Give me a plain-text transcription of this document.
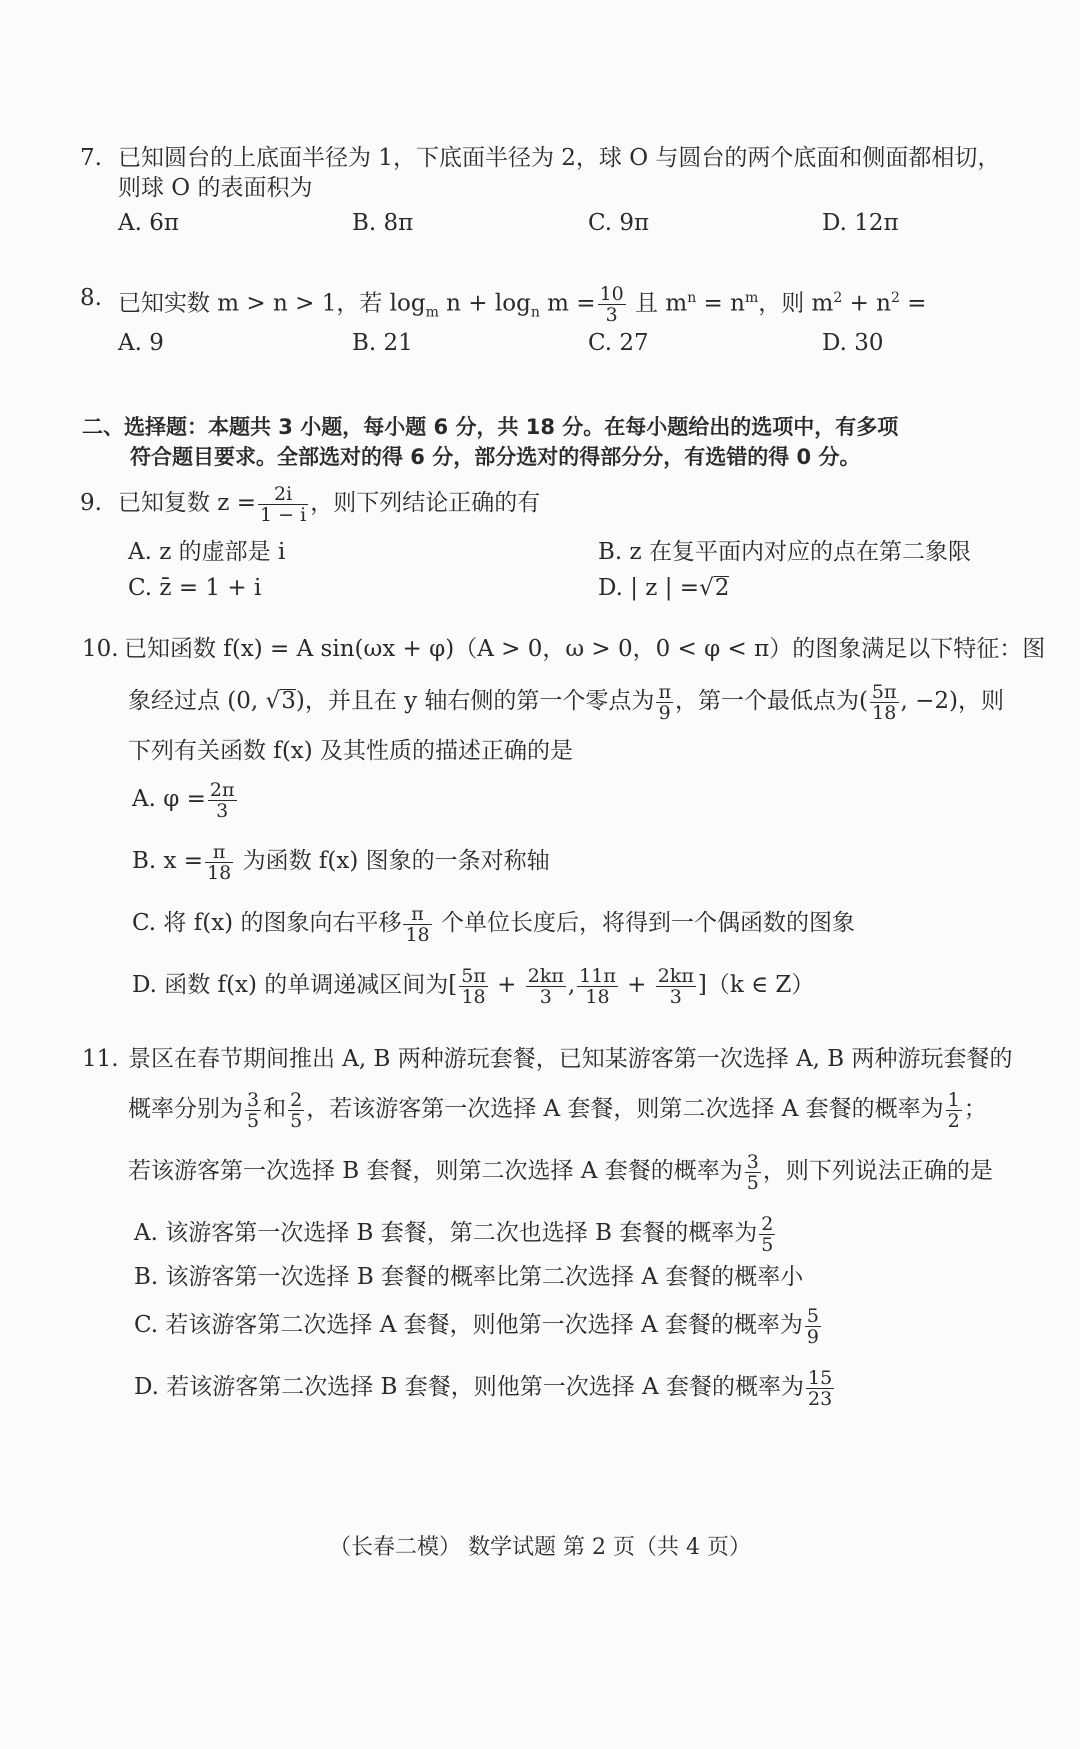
7. 已知圆台的上底面半径为 1，下底面半径为 2，球 O 与圆台的两个底面和侧面都相切，
则球 O 的表面积为
A. 6π	B. 8π	C. 9π	D. 12π
8. 已知实数 m > n > 1，若 $\log_m n + \log_n m = \frac{10}{3}$ 且 $m^n = n^m$，则 $m^2 + n^2$ =
A. 9	B. 21	C. 27	D. 30
二、选择题：本题共 3 小题，每小题 6 分，共 18 分。在每小题给出的选项中，有多项
符合题目要求。全部选对的得 6 分，部分选对的得部分分，有选错的得 0 分。
9. 已知复数 $z = \frac{2i}{1 - i}$ ，则下列结论正确的有
A. z 的虚部是 i	B. z 在复平面内对应的点在第二象限
C. z̄ = 1 + i	D. | z | =√2
10. 已知函数 f(x) = A sin(ωx + φ)（A > 0，ω > 0，0 < φ < π）的图象满足以下特征：图
象经过点 (0, √3)，并且在 y 轴右侧的第一个零点为 $\frac{\pi}{9}$ ，第一个最低点为( $\frac{5\pi}{18}$ , −2)，则
下列有关函数 f(x) 及其性质的描述正确的是
A. $\varphi = \frac{2\pi}{3}$
B. $x = \frac{\pi}{18}$ 为函数 f(x) 图象的一条对称轴
C. 将 f(x) 的图象向右平移 $\frac{\pi}{18}$ 个单位长度后，将得到一个偶函数的图象
D. 函数 f(x) 的单调递减区间为[ $\frac{5\pi}{18} + \frac{2k\pi}{3}$ , $\frac{11\pi}{18} + \frac{2k\pi}{3} ](k$ ∈ Z）
11. 景区在春节期间推出 A, B 两种游玩套餐，已知某游客第一次选择 A, B 两种游玩套餐的
概率分别为 $\frac{3}{5}$ 和 $\frac{2}{5}$ ，若该游客第一次选择 A 套餐，则第二次选择 A 套餐的概率为 $\frac{1}{2}$ ；
若该游客第一次选择 B 套餐，则第二次选择 A 套餐的概率为 $\frac{3}{5}$ ，则下列说法正确的是
A. 该游客第一次选择 B 套餐，第二次也选择 B 套餐的概率为 $\frac{2}{5}$
B. 该游客第一次选择 B 套餐的概率比第二次选择 A 套餐的概率小
C. 若该游客第二次选择 A 套餐，则他第一次选择 A 套餐的概率为 $\frac{5}{9}$
D. 若该游客第二次选择 B 套餐，则他第一次选择 A 套餐的概率为 $\frac{15}{23}$
（长春二模） 数学试题 第 2 页（共 4 页）
